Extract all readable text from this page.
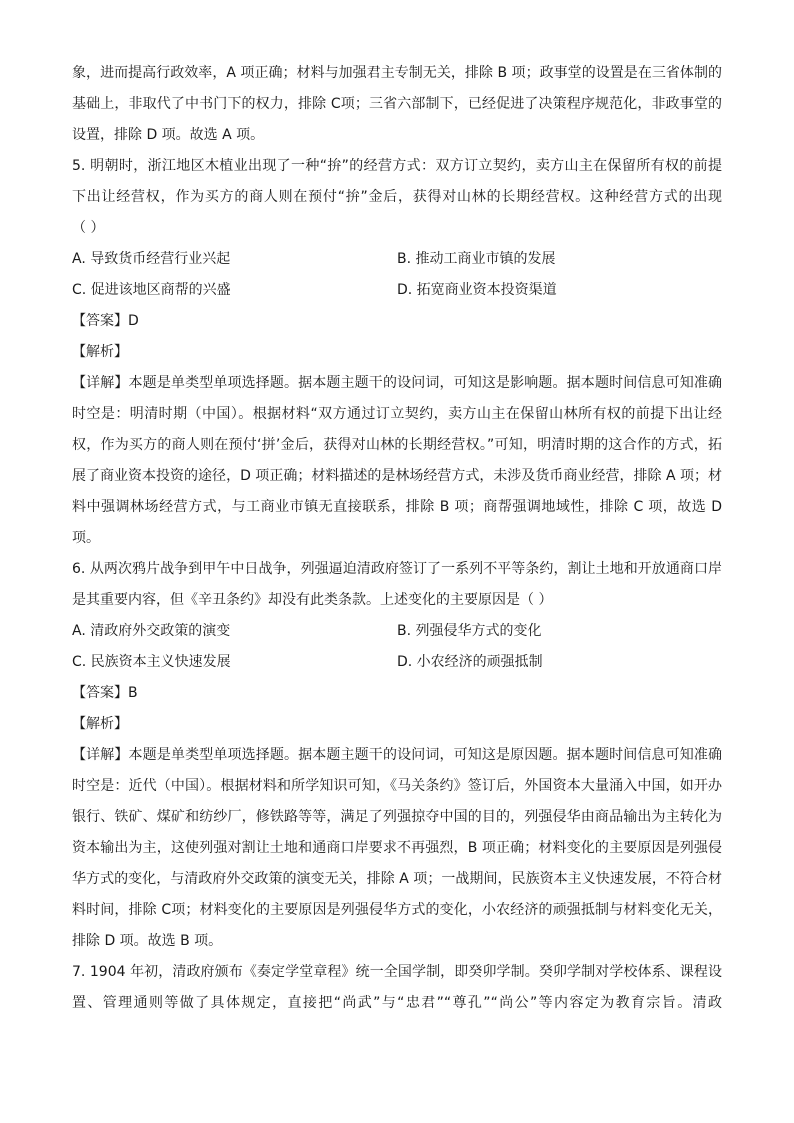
象，进而提高行政效率，A 项正确；材料与加强君主专制无关，排除 B 项；政事堂的设置是在三省体制的
基础上，非取代了中书门下的权力，排除 C项；三省六部制下，已经促进了决策程序规范化，非政事堂的
设置，排除 D 项。故选 A 项。
5. 明朝时，浙江地区木植业出现了一种“拚”的经营方式：双方订立契约，卖方山主在保留所有权的前提
下出让经营权，作为买方的商人则在预付“拚”金后，获得对山林的长期经营权。这种经营方式的出现
（ ）
A. 导致货币经营行业兴起	B. 推动工商业市镇的发展
C. 促进该地区商帮的兴盛	D. 拓宽商业资本投资渠道
【答案】D
【解析】
【详解】本题是单类型单项选择题。据本题主题干的设问词，可知这是影响题。据本题时间信息可知准确
时空是：明清时期（中国）。根据材料“双方通过订立契约，卖方山主在保留山林所有权的前提下出让经
权，作为买方的商人则在预付‘拼’金后，获得对山林的长期经营权。”可知，明清时期的这合作的方式，拓
展了商业资本投资的途径，D 项正确；材料描述的是林场经营方式，未涉及货币商业经营，排除 A 项；材
料中强调林场经营方式，与工商业市镇无直接联系，排除 B 项；商帮强调地域性，排除 C 项，故选 D
项。
6. 从两次鸦片战争到甲午中日战争，列强逼迫清政府签订了一系列不平等条约，割让土地和开放通商口岸
是其重要内容，但《辛丑条约》却没有此类条款。上述变化的主要原因是（ ）
A. 清政府外交政策的演变	B. 列强侵华方式的变化
C. 民族资本主义快速发展	D. 小农经济的顽强抵制
【答案】B
【解析】
【详解】本题是单类型单项选择题。据本题主题干的设问词，可知这是原因题。据本题时间信息可知准确
时空是：近代（中国）。根据材料和所学知识可知，《马关条约》签订后，外国资本大量涌入中国，如开办
银行、铁矿、煤矿和纺纱厂，修铁路等等，满足了列强掠夺中国的目的，列强侵华由商品输出为主转化为
资本输出为主，这使列强对割让土地和通商口岸要求不再强烈，B 项正确；材料变化的主要原因是列强侵
华方式的变化，与清政府外交政策的演变无关，排除 A 项；一战期间，民族资本主义快速发展，不符合材
料时间，排除 C项；材料变化的主要原因是列强侵华方式的变化，小农经济的顽强抵制与材料变化无关，
排除 D 项。故选 B 项。
7. 1904 年初，清政府颁布《奏定学堂章程》统一全国学制，即癸卯学制。癸卯学制对学校体系、课程设
置、管理通则等做了具体规定，直接把“尚武”与“忠君”“尊孔”“尚公”等内容定为教育宗旨。清政
